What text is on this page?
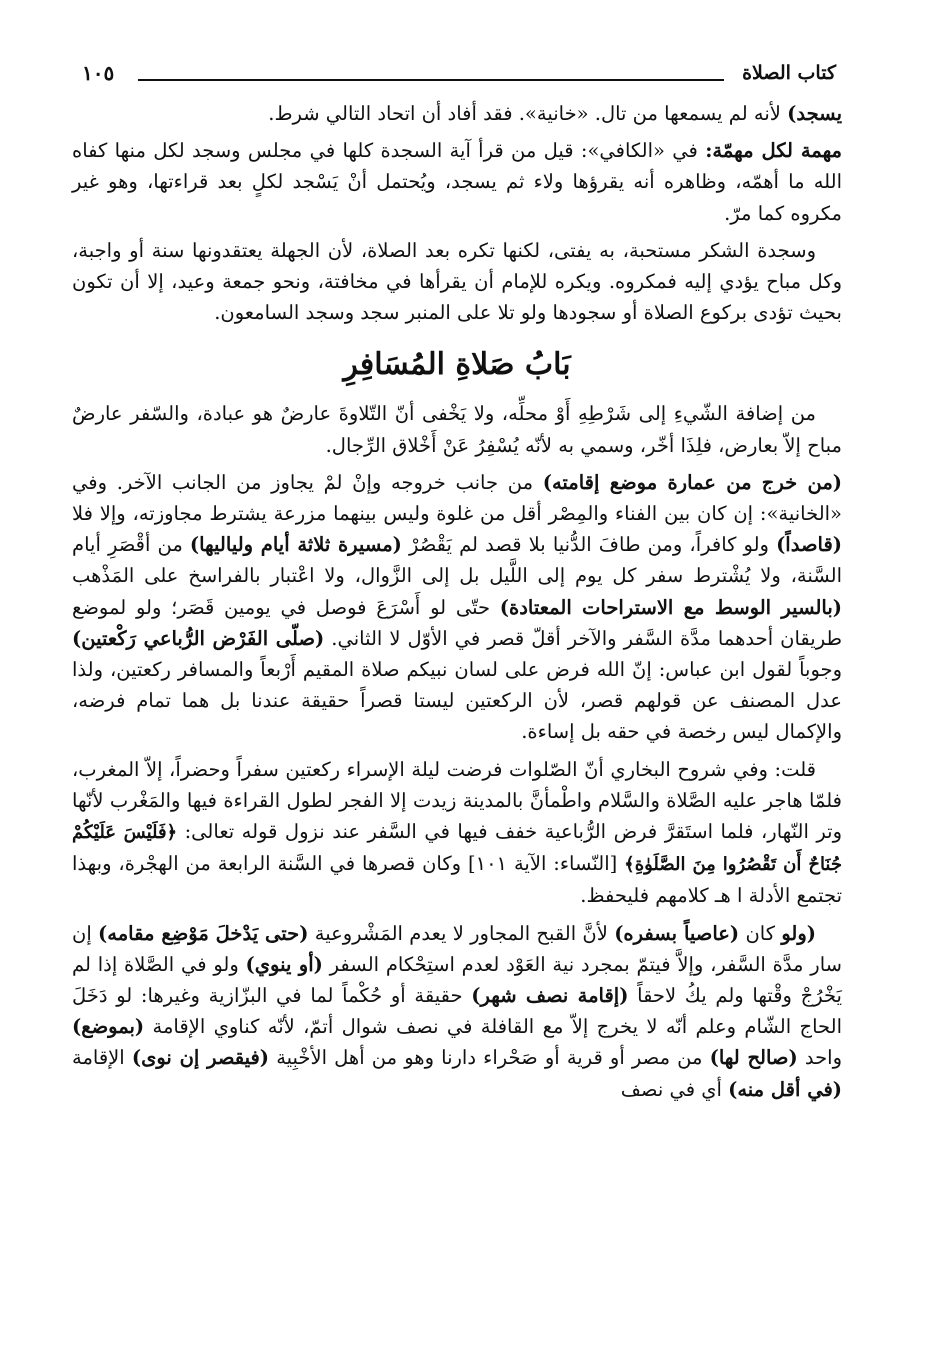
كتاب الصلاة
١٠٥

يسجد) لأنه لم يسمعها من تال. «خانية». فقد أفاد أن اتحاد التالي شرط.

مهمة لكل مهمّة: في «الكافي»: قيل من قرأ آية السجدة كلها في مجلس وسجد لكل منها كفاه الله ما أهمّه، وظاهره أنه يقرؤها ولاء ثم يسجد، ويُحتمل أنْ يَسْجد لكلٍ بعد قراءتها، وهو غير مكروه كما مرّ.

وسجدة الشكر مستحبة، به يفتى، لكنها تكره بعد الصلاة، لأن الجهلة يعتقدونها سنة أو واجبة، وكل مباح يؤدي إليه فمكروه. ويكره للإمام أن يقرأها في مخافتة، ونحو جمعة وعيد، إلا أن تكون بحيث تؤدى بركوع الصلاة أو سجودها ولو تلا على المنبر سجد وسجد السامعون.

بَابُ صَلاةِ المُسَافِرِ

من إضافة الشّيءِ إلى شَرْطِهِ أَوْ محلِّه، ولا يَخْفى أنّ التّلاوةَ عارضٌ هو عبادة، والسّفر عارضٌ مباح إلاّ بعارض، فلِذَا أخّر، وسمي به لأنّه يُسْفِرُ عَنْ أَخْلاق الرِّجال.

(من خرج من عمارة موضع إقامته) من جانب خروجه وإنْ لمْ يجاوز من الجانب الآخر. وفي «الخانية»: إن كان بين الفناء والمِصْر أقل من غلوة وليس بينهما مزرعة يشترط مجاوزته، وإلا فلا (قاصداً) ولو كافراً، ومن طافَ الدُّنيا بلا قصد لم يَقْصُرْ (مسيرة ثلاثة أيام ولياليها) من أقْصَرِ أيام السَّنة، ولا يُشْترط سفر كل يوم إلى اللَّيل بل إلى الزَّوال، ولا اعْتبار بالفراسخ على المَذْهب (بالسير الوسط مع الاستراحات المعتادة) حتّى لو أَسْرَعَ فوصل في يومين قَصَر؛ ولو لموضع طريقان أحدهما مدَّة السَّفر والآخر أقلّ قصر في الأوّل لا الثاني. (صلّى الفَرْض الرُّباعي رَكْعتين) وجوباً لقول ابن عباس: إنّ الله فرض على لسان نبيكم صلاة المقيم أَرْبعاً والمسافر ركعتين، ولذا عدل المصنف عن قولهم قصر، لأن الركعتين ليستا قصراً حقيقة عندنا بل هما تمام فرضه، والإكمال ليس رخصة في حقه بل إساءة.

قلت: وفي شروح البخاري أنّ الصّلوات فرضت ليلة الإسراء ركعتين سفراً وحضراً، إلاّ المغرب، فلمّا هاجر عليه الصَّلاة والسَّلام واطْمأنَّ بالمدينة زيدت إلا الفجر لطول القراءة فيها والمَغْرب لأنّها وتر النّهار، فلما استَقرَّ فرض الرُّباعية خفف فيها في السَّفر عند نزول قوله تعالى: ﴿فَلَيْسَ عَلَيْكُمْ جُنَاحٌ أَن تَقْصُرُوا مِنَ الصَّلَوٰةِ﴾ [النّساء: الآية ١٠١] وكان قصرها في السَّنة الرابعة من الهجْرة، وبهذا تجتمع الأدلة ا هـ كلامهم فليحفظ.

(ولو كان (عاصياً بسفره) لأنَّ القبح المجاور لا يعدم المَشْروعية (حتى يَدْخلَ مَوْضِع مقامه) إن سار مدَّة السَّفر، وإلاَّ فيتمّ بمجرد نية العَوْد لعدم استِحْكام السفر (أو ينوي) ولو في الصَّلاة إذا لم يَخْرُجْ وقْتها ولم يكُ لاحقاً (إقامة نصف شهر) حقيقة أو حُكْماً لما في البزّازية وغيرها: لو دَخَلَ الحاج الشّام وعلم أنّه لا يخرج إلاّ مع القافلة في نصف شوال أتمّ، لأنّه كناوي الإقامة (بموضع) واحد (صالح لها) من مصر أو قرية أو صَحْراء دارنا وهو من أهل الأخْبِية (فيقصر إن نوى) الإقامة (في أقل منه) أي في نصف
